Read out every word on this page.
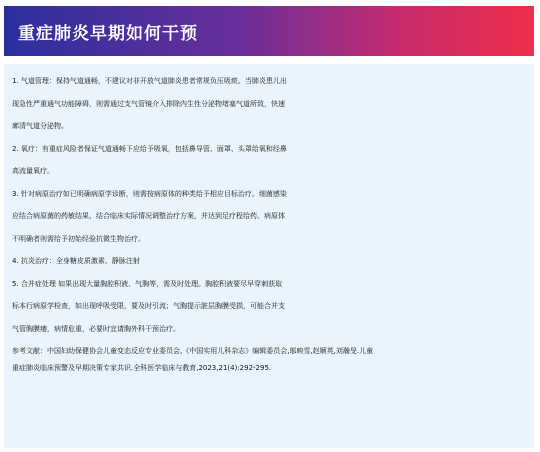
重症肺炎早期如何干预

1. 气道管理：保持气道通畅，不建议对非开放气道肺炎患者常规负压吸痰。当肺炎患儿出
现急性严重通气功能障碍，则需通过支气管镜介入排除内生性分泌物堵塞气道所致，快速
廓清气道分泌物。

2. 氧疗：有重症风险者保证气道通畅下应给予吸氧，包括鼻导管、面罩、头罩给氧和经鼻
高流量氧疗。

3. 针对病原治疗如已明确病原学诊断，则需按病原体的种类给予相应目标治疗。细菌感染
应结合病原菌的药敏结果、结合临床实际情况调整治疗方案，并达到足疗程给药。病原体
不明确者则需给予初始经验抗微生物治疗。

4. 抗炎治疗：全身糖皮质激素、静脉注射

5. 合并症处理 如果出现大量胸腔积液、气胸等，需及时处理。胸腔积液要尽早穿刺获取
标本行病原学检查，如出现呼吸受限，要及时引流；气胸提示脏层胸膜受损，可能合并支
气管胸膜瘘，病情危重，必要时宜请胸外科干预治疗。

参考文献：中国妇幼保健协会儿童变态反应专业委员会,《中国实用儿科杂志》编辑委员会,邬映雪,赵顺英,刘瀚旻.儿童
重症肺炎临床预警及早期决策专家共识.全科医学临床与教育,2023,21(4):292-295.
